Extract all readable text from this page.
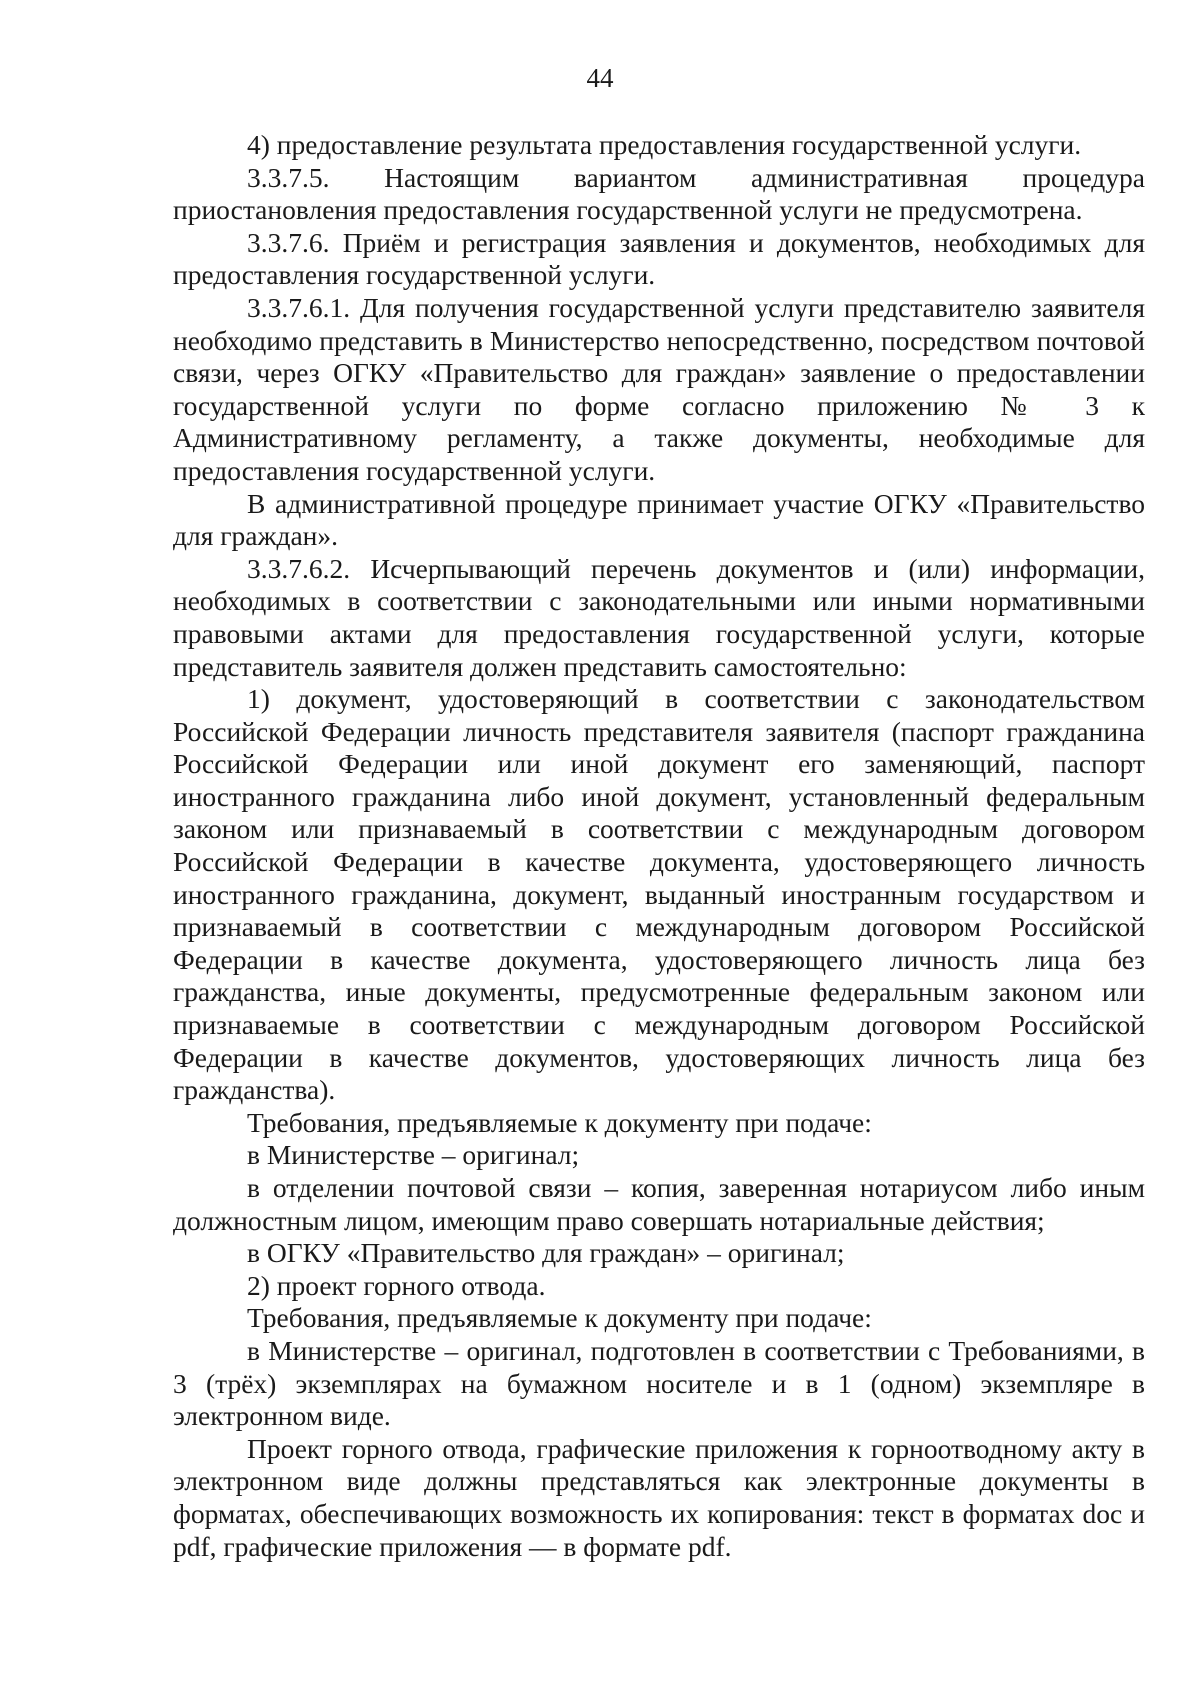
44

4) предоставление результата предоставления государственной услуги.

3.3.7.5. Настоящим вариантом административная процедура приостановления предоставления государственной услуги не предусмотрена.

3.3.7.6. Приём и регистрация заявления и документов, необходимых для предоставления государственной услуги.

3.3.7.6.1. Для получения государственной услуги представителю заявителя необходимо представить в Министерство непосредственно, посредством почтовой связи, через ОГКУ «Правительство для граждан» заявление о предоставлении государственной услуги по форме согласно приложению № 3 к Административному регламенту, а также документы, необходимые для предоставления государственной услуги.

В административной процедуре принимает участие ОГКУ «Правительство для граждан».

3.3.7.6.2. Исчерпывающий перечень документов и (или) информации, необходимых в соответствии с законодательными или иными нормативными правовыми актами для предоставления государственной услуги, которые представитель заявителя должен представить самостоятельно:

1) документ, удостоверяющий в соответствии с законодательством Российской Федерации личность представителя заявителя (паспорт гражданина Российской Федерации или иной документ его заменяющий, паспорт иностранного гражданина либо иной документ, установленный федеральным законом или признаваемый в соответствии с международным договором Российской Федерации в качестве документа, удостоверяющего личность иностранного гражданина, документ, выданный иностранным государством и признаваемый в соответствии с международным договором Российской Федерации в качестве документа, удостоверяющего личность лица без гражданства, иные документы, предусмотренные федеральным законом или признаваемые в соответствии с международным договором Российской Федерации в качестве документов, удостоверяющих личность лица без гражданства).

Требования, предъявляемые к документу при подаче:

в Министерстве – оригинал;

в отделении почтовой связи – копия, заверенная нотариусом либо иным должностным лицом, имеющим право совершать нотариальные действия;

в ОГКУ «Правительство для граждан» – оригинал;

2) проект горного отвода.

Требования, предъявляемые к документу при подаче:

в Министерстве – оригинал, подготовлен в соответствии с Требованиями, в 3 (трёх) экземплярах на бумажном носителе и в 1 (одном) экземпляре в электронном виде.

Проект горного отвода, графические приложения к горноотводному акту в электронном виде должны представляться как электронные документы в форматах, обеспечивающих возможность их копирования: текст в форматах doc и pdf, графические приложения — в формате pdf.
